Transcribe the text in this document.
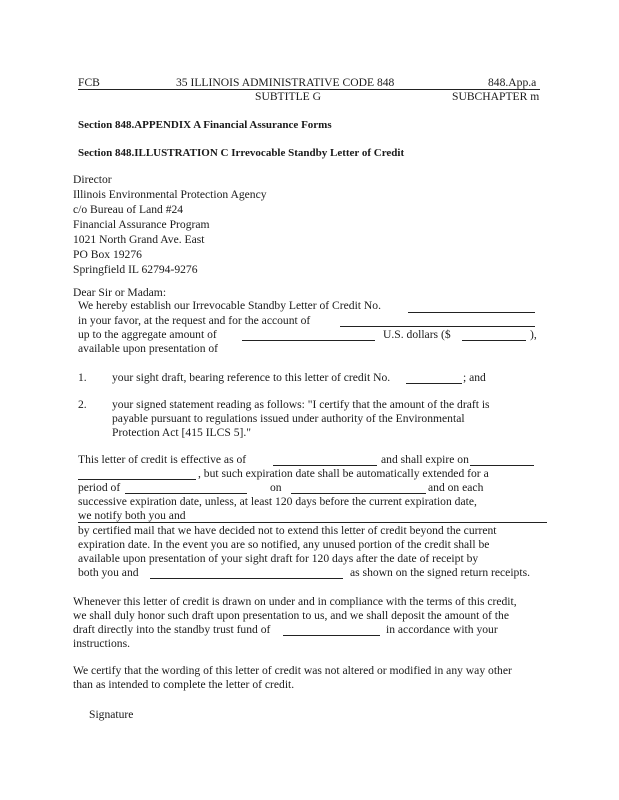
FCB	35 ILLINOIS ADMINISTRATIVE CODE 848	848.App.a
SUBTITLE G	SUBCHAPTER m
Section 848.APPENDIX A Financial Assurance Forms
Section 848.ILLUSTRATION C Irrevocable Standby Letter of Credit
Director
Illinois Environmental Protection Agency
c/o Bureau of Land #24
Financial Assurance Program
1021 North Grand Ave. East
PO Box 19276
Springfield IL 62794-9276
Dear Sir or Madam:
We hereby establish our Irrevocable Standby Letter of Credit No.
in your favor, at the request and for the account of
up to the aggregate amount of	U.S. dollars ($	),
available upon presentation of
1. your sight draft, bearing reference to this letter of credit No.	; and
2. your signed statement reading as follows: "I certify that the amount of the draft is
payable pursuant to regulations issued under authority of the Environmental
Protection Act [415 ILCS 5]."
This letter of credit is effective as of	and shall expire on
, but such expiration date shall be automatically extended for a
period of	on	and on each
successive expiration date, unless, at least 120 days before the current expiration date,
we notify both you and
by certified mail that we have decided not to extend this letter of credit beyond the current
expiration date. In the event you are so notified, any unused portion of the credit shall be
available upon presentation of your sight draft for 120 days after the date of receipt by
both you and	as shown on the signed return receipts.
Whenever this letter of credit is drawn on under and in compliance with the terms of this credit,
we shall duly honor such draft upon presentation to us, and we shall deposit the amount of the
draft directly into the standby trust fund of	in accordance with your
instructions.
We certify that the wording of this letter of credit was not altered or modified in any way other
than as intended to complete the letter of credit.
Signature
